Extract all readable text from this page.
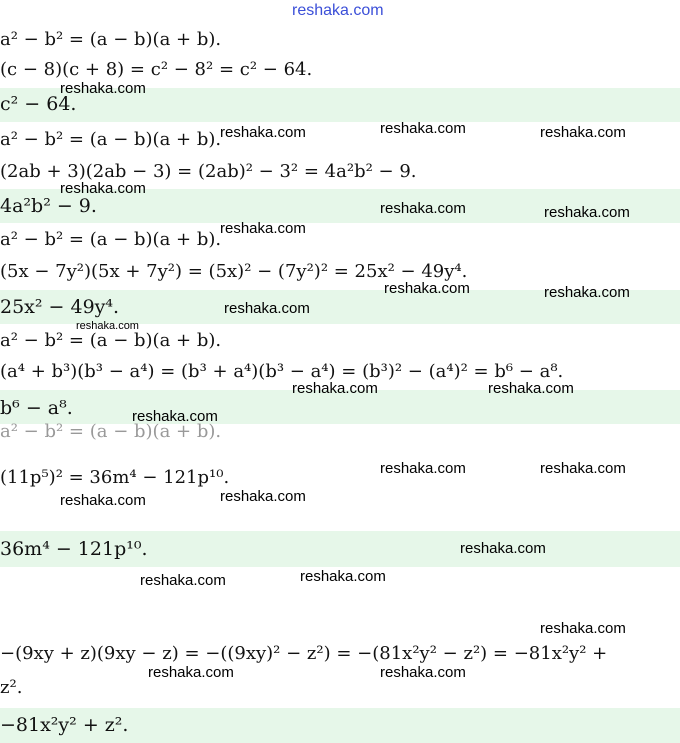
reshaka.com
a² − b² = (a − b)(a + b).
(c − 8)(c + 8) = c² − 8² = c² − 64.
c² − 64.
a² − b² = (a − b)(a + b).
(2ab + 3)(2ab − 3) = (2ab)² − 3² = 4a²b² − 9.
4a²b² − 9.
a² − b² = (a − b)(a + b).
(5x − 7y²)(5x + 7y²) = (5x)² − (7y²)² = 25x² − 49y⁴.
25x² − 49y⁴.
a² − b² = (a − b)(a + b).
(a⁴ + b³)(b³ − a⁴) = (b³ + a⁴)(b³ − a⁴) = (b³)² − (a⁴)² = b⁶ − a⁸.
b⁶ − a⁸.
a² − b² = (a − b)(a + b).
(11p⁵)² = 36m⁴ − 121p¹⁰.
36m⁴ − 121p¹⁰.
−(9xy + z)(9xy − z) = −((9xy)² − z²) = −(81x²y² − z²) = −81x²y² +
z².
−81x²y² + z².
reshaka.com
reshaka.com	reshaka.com	reshaka.com
reshaka.com
reshaka.com	reshaka.com
reshaka.com
reshaka.com	reshaka.com
reshaka.com
reshaka.com
reshaka.com	reshaka.com
reshaka.com
reshaka.com	reshaka.com
reshaka.com
reshaka.com
reshaka.com
reshaka.com	reshaka.com
reshaka.com
reshaka.com	reshaka.com
